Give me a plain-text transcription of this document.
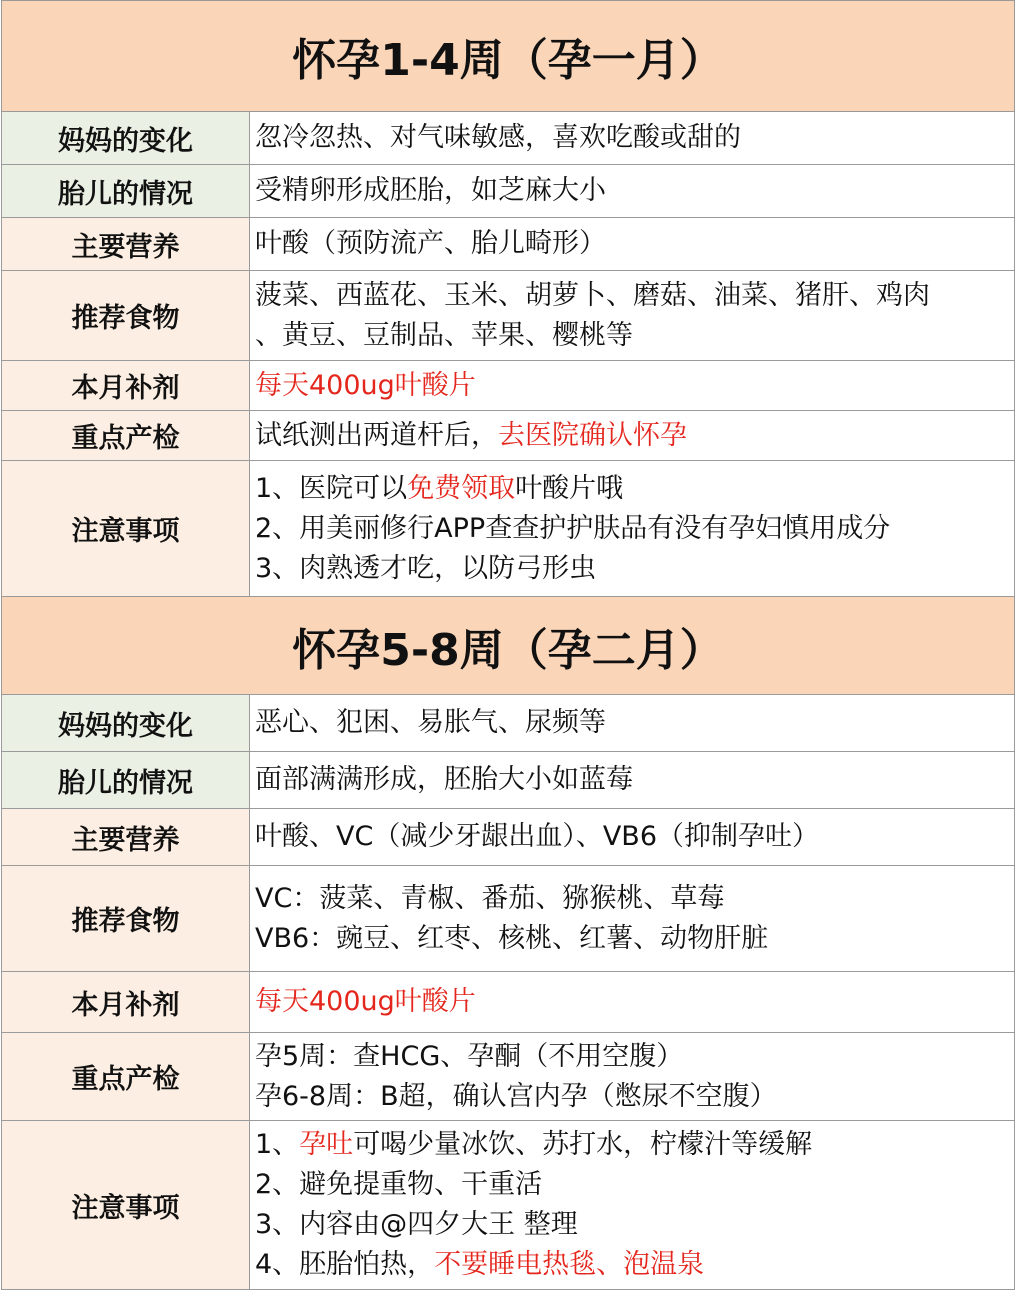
怀孕1-4周（孕一月）	
妈妈的变化	忽冷忽热、对气味敏感，喜欢吃酸或甜的

胎儿的情况	受精卵形成胚胎，如芝麻大小

主要营养	叶酸（预防流产、胎儿畸形）

推荐食物	菠菜、西蓝花、玉米、胡萝卜、磨菇、油菜、猪肝、鸡肉
、黄豆、豆制品、苹果、樱桃等

本月补剂	每天400ug叶酸片

重点产检	试纸测出两道杆后，去医院确认怀孕

注意事项	1、医院可以免费领取叶酸片哦
2、用美丽修行APP查查护护肤品有没有孕妇慎用成分
3、肉熟透才吃，以防弓形虫

怀孕5-8周（孕二月）	
妈妈的变化	恶心、犯困、易胀气、尿频等

胎儿的情况	面部满满形成，胚胎大小如蓝莓

主要营养	叶酸、VC（减少牙龈出血）、VB6（抑制孕吐）

推荐食物	VC：菠菜、青椒、番茄、猕猴桃、草莓
VB6：豌豆、红枣、核桃、红薯、动物肝脏

本月补剂	每天400ug叶酸片

重点产检	孕5周：查HCG、孕酮（不用空腹）
孕6-8周：B超，确认宫内孕（憋尿不空腹）

注意事项	1、孕吐可喝少量冰饮、苏打水，柠檬汁等缓解
2、避免提重物、干重活
3、内容由@四夕大王 整理
4、胚胎怕热，不要睡电热毯、泡温泉
